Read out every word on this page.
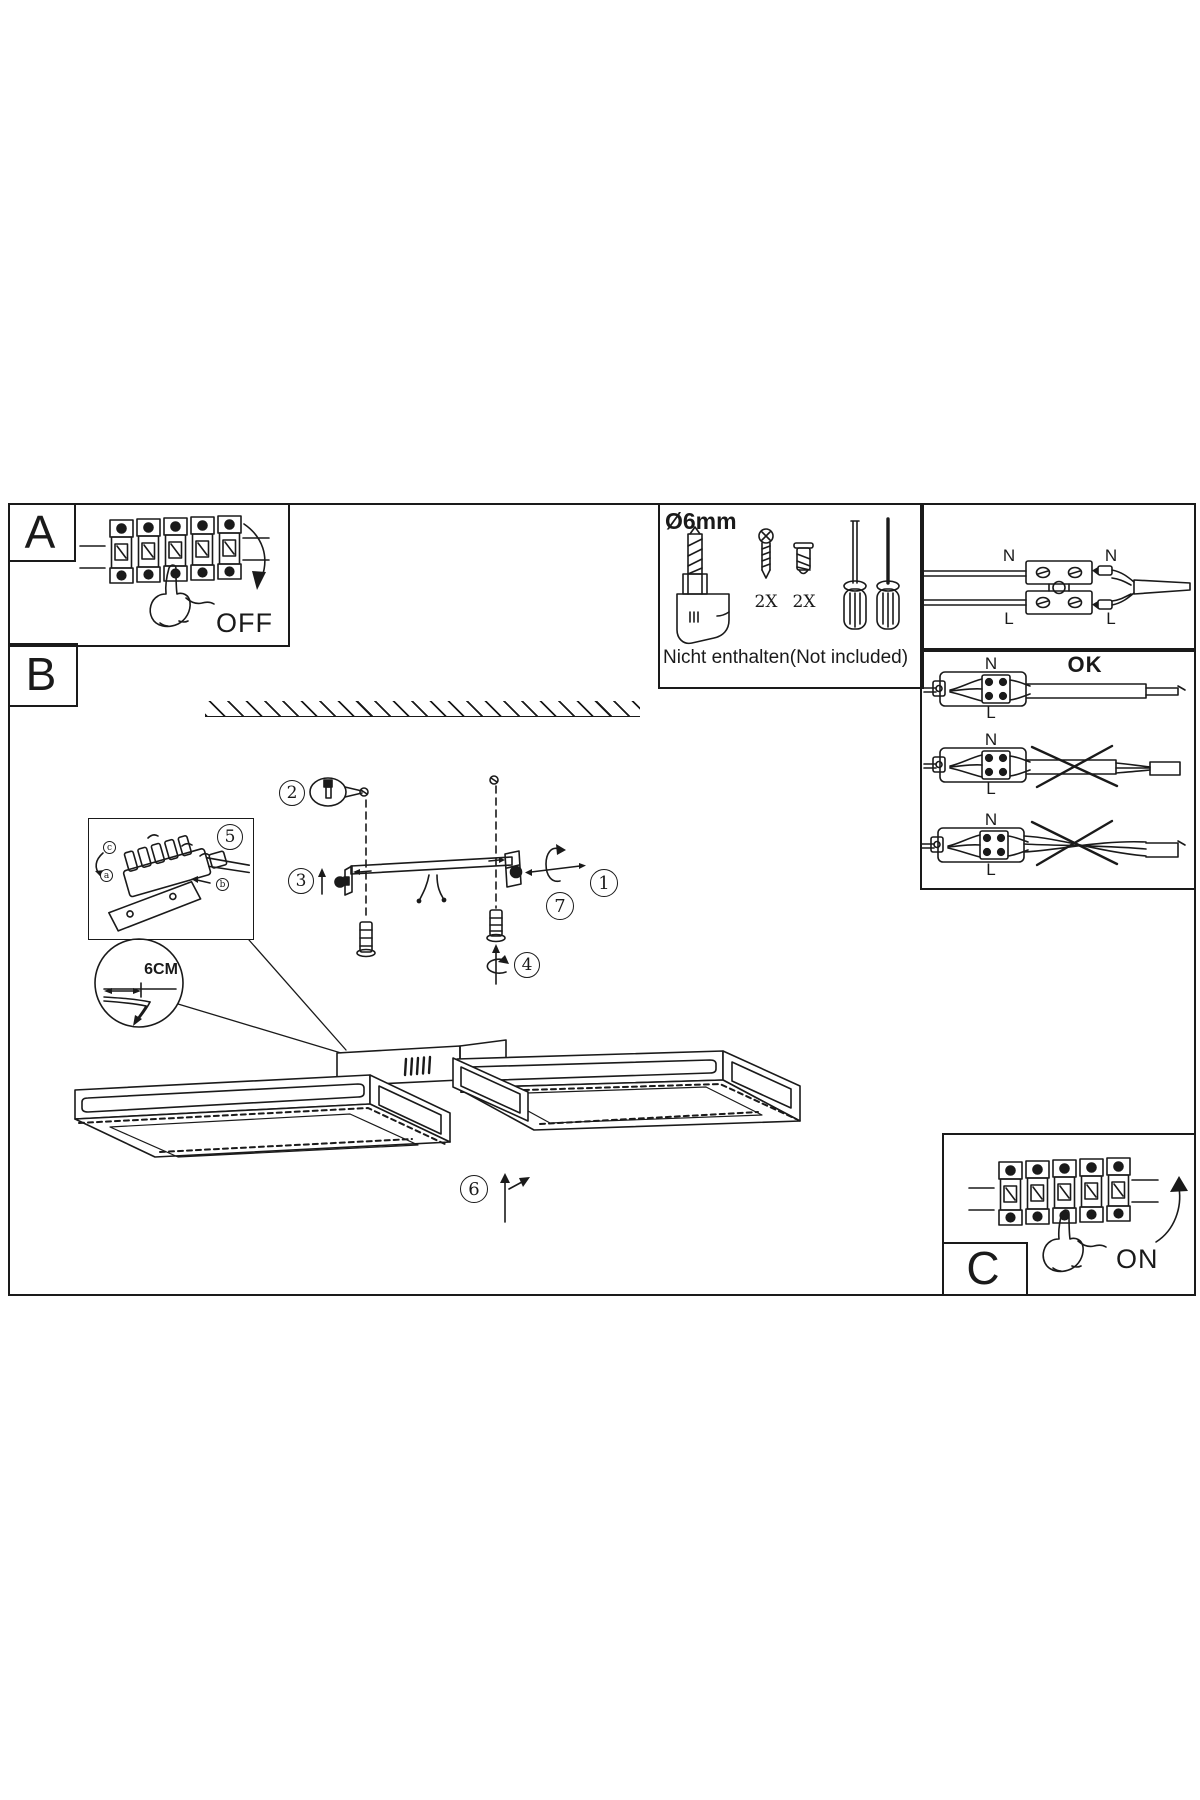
A
B
C
OFF
ON
Ø6mm
2X 2X
Nicht enthalten(Not included)
N	N
L	L
OK
N
L
N
L
N
L
1
2
3
4
5
6
7
c
a
b
6CM
